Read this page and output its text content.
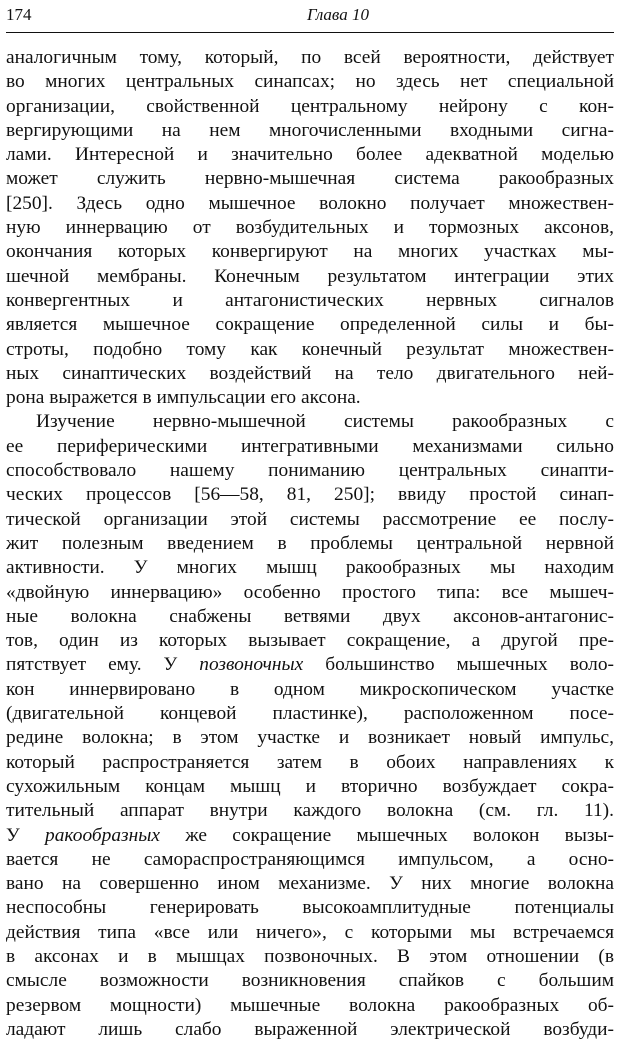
174	Глава 10
аналогичным тому, который, по всей вероятности, действует
во многих центральных синапсах; но здесь нет специальной
организации, свойственной центральному нейрону с кон-
вергирующими на нем многочисленными входными сигна-
лами. Интересной и значительно более адекватной моделью
может служить нервно-мышечная система ракообразных
[250]. Здесь одно мышечное волокно получает множествен-
ную иннервацию от возбудительных и тормозных аксонов,
окончания которых конвергируют на многих участках мы-
шечной мембраны. Конечным результатом интеграции этих
конвергентных и антагонистических нервных сигналов
является мышечное сокращение определенной силы и бы-
строты, подобно тому как конечный результат множествен-
ных синаптических воздействий на тело двигательного ней-
рона выражется в импульсации его аксона.
Изучение нервно-мышечной системы ракообразных с
ее периферическими интегративными механизмами сильно
способствовало нашему пониманию центральных синапти-
ческих процессов [56—58, 81, 250]; ввиду простой синап-
тической организации этой системы рассмотрение ее послу-
жит полезным введением в проблемы центральной нервной
активности. У многих мышц ракообразных мы находим
«двойную иннервацию» особенно простого типа: все мышеч-
ные волокна снабжены ветвями двух аксонов-антагонис-
тов, один из которых вызывает сокращение, а другой пре-
пятствует ему. У позвоночных большинство мышечных воло-
кон иннервировано в одном микроскопическом участке
(двигательной концевой пластинке), расположенном посе-
редине волокна; в этом участке и возникает новый импульс,
который распространяется затем в обоих направлениях к
сухожильным концам мышц и вторично возбуждает сокра-
тительный аппарат внутри каждого волокна (см. гл. 11).
У ракообразных же сокращение мышечных волокон вызы-
вается не самораспространяющимся импульсом, а осно-
вано на совершенно ином механизме. У них многие волокна
неспособны генерировать высокоамплитудные потенциалы
действия типа «все или ничего», с которыми мы встречаемся
в аксонах и в мышцах позвоночных. В этом отношении (в
смысле возможности возникновения спайков с большим
резервом мощности) мышечные волокна ракообразных об-
ладают лишь слабо выраженной электрической возбуди-
